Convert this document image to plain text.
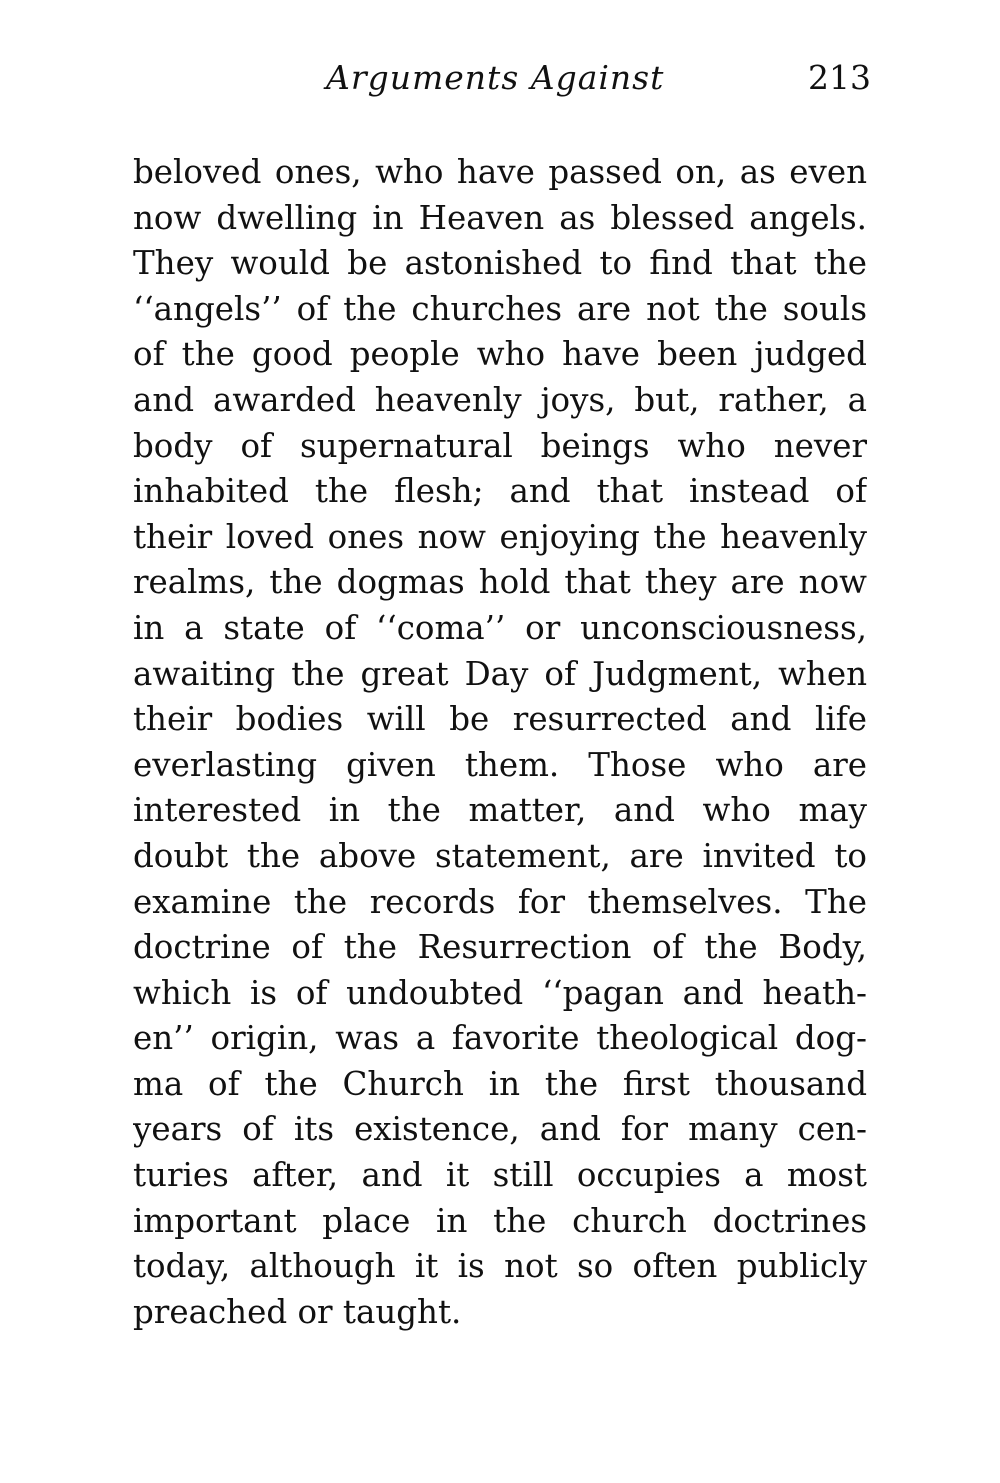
Arguments Against	213
beloved ones, who have passed on, as even
now dwelling in Heaven as blessed angels.
They would be astonished to find that the
‘‘angels’’ of the churches are not the souls
of the good people who have been judged
and awarded heavenly joys, but, rather, a
body of supernatural beings who never
inhabited the flesh; and that instead of
their loved ones now enjoying the heavenly
realms, the dogmas hold that they are now
in a state of ‘‘coma’’ or unconsciousness,
awaiting the great Day of Judgment, when
their bodies will be resurrected and life
everlasting given them. Those who are
interested in the matter, and who may
doubt the above statement, are invited to
examine the records for themselves. The
doctrine of the Resurrection of the Body,
which is of undoubted ‘‘pagan and heath-
en’’ origin, was a favorite theological dog-
ma of the Church in the first thousand
years of its existence, and for many cen-
turies after, and it still occupies a most
important place in the church doctrines
today, although it is not so often publicly
preached or taught.
